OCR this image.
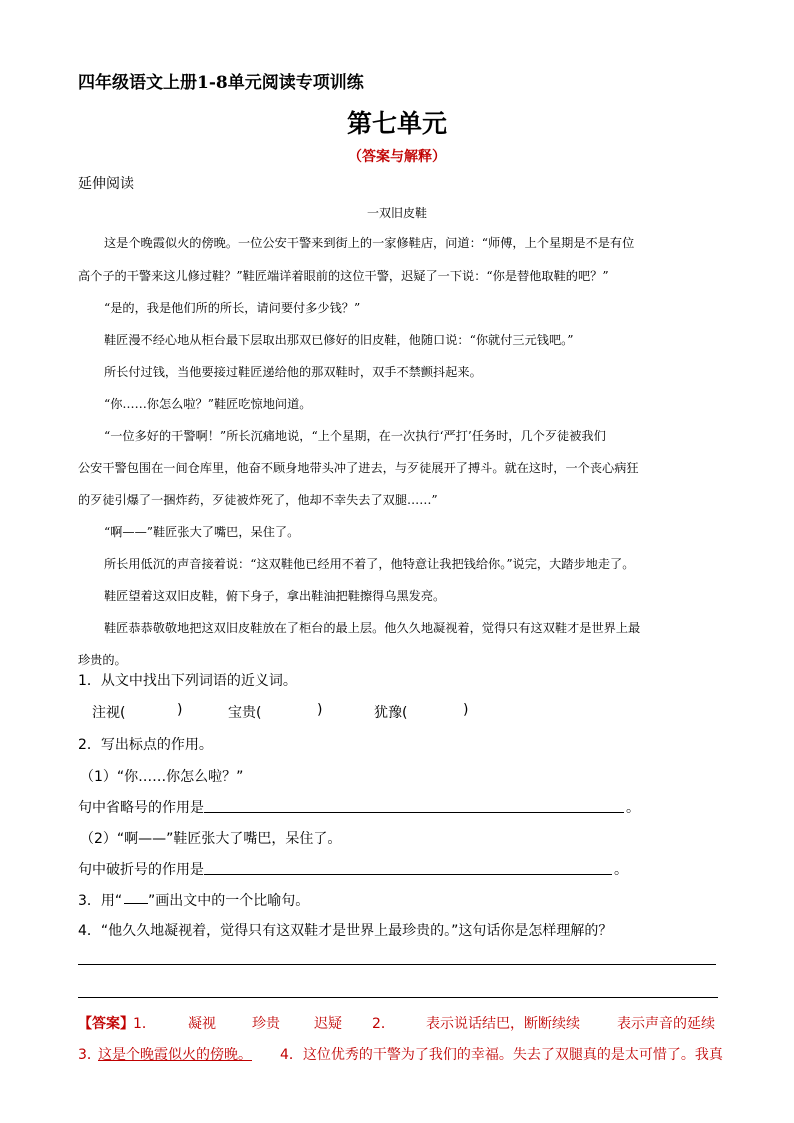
四年级语文上册1-8单元阅读专项训练
第七单元
（答案与解释）
延伸阅读
一双旧皮鞋
这是个晚霞似火的傍晚。一位公安干警来到街上的一家修鞋店，问道：“师傅，上个星期是不是有位
高个子的干警来这儿修过鞋？”鞋匠端详着眼前的这位干警，迟疑了一下说：“你是替他取鞋的吧？”
“是的，我是他们所的所长，请问要付多少钱？”
鞋匠漫不经心地从柜台最下层取出那双已修好的旧皮鞋，他随口说：“你就付三元钱吧。”
所长付过钱，当他要接过鞋匠递给他的那双鞋时，双手不禁颤抖起来。
“你……你怎么啦？”鞋匠吃惊地问道。
“一位多好的干警啊！”所长沉痛地说，“上个星期，在一次执行‘严打’任务时，几个歹徒被我们
公安干警包围在一间仓库里，他奋不顾身地带头冲了进去，与歹徒展开了搏斗。就在这时，一个丧心病狂
的歹徒引爆了一捆炸药，歹徒被炸死了，他却不幸失去了双腿……”
“啊——”鞋匠张大了嘴巴，呆住了。
所长用低沉的声音接着说：“这双鞋他已经用不着了，他特意让我把钱给你。”说完，大踏步地走了。
鞋匠望着这双旧皮鞋，俯下身子，拿出鞋油把鞋擦得乌黑发亮。
鞋匠恭恭敬敬地把这双旧皮鞋放在了柜台的最上层。他久久地凝视着，觉得只有这双鞋才是世界上最
珍贵的。
1．从文中找出下列词语的近义词。
注视(	)	宝贵(	)	犹豫(	)
2．写出标点的作用。
（1）“你……你怎么啦？”
句中省略号的作用是	。
（2）“啊——”鞋匠张大了嘴巴，呆住了。
句中破折号的作用是	。
3．用“ ”画出文中的一个比喻句。
4．“他久久地凝视着，觉得只有这双鞋才是世界上最珍贵的。”这句话你是怎样理解的？
【答案】 1． 凝视	珍贵 迟疑 2． 表示说话结巴，断断续续	表示声音的延续
3．
这是个晚霞似火的傍晚。 4．这位优秀的干警为了我们的幸福。失去了双腿真的是太可惜了。我真
